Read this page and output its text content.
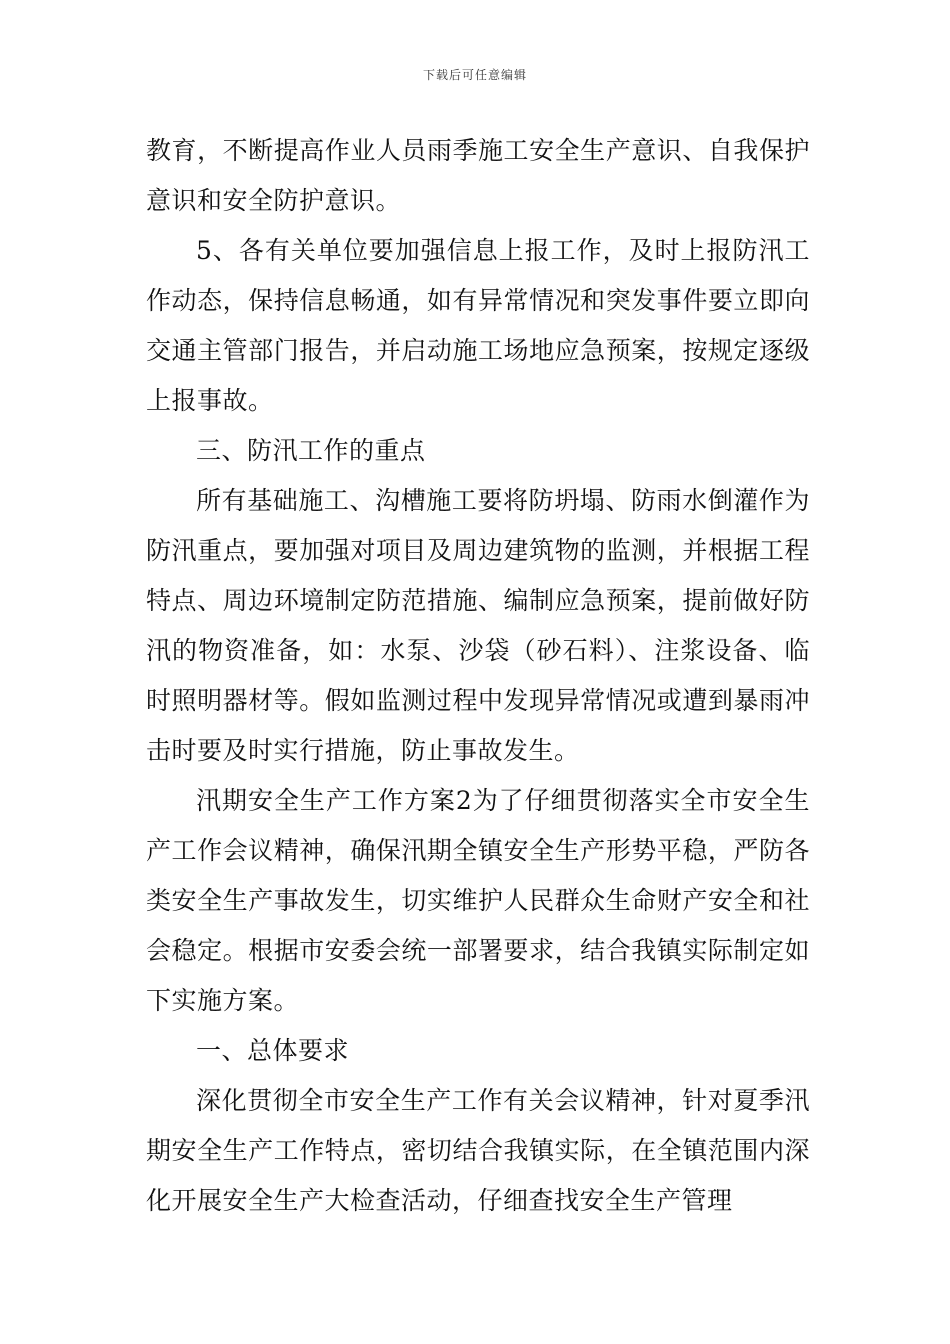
下载后可任意编辑

教育，不断提高作业人员雨季施工安全生产意识、自我保护意识和安全防护意识。

5、各有关单位要加强信息上报工作，及时上报防汛工作动态，保持信息畅通，如有异常情况和突发事件要立即向交通主管部门报告，并启动施工场地应急预案，按规定逐级上报事故。

三、防汛工作的重点

所有基础施工、沟槽施工要将防坍塌、防雨水倒灌作为防汛重点，要加强对项目及周边建筑物的监测，并根据工程特点、周边环境制定防范措施、编制应急预案，提前做好防汛的物资准备，如：水泵、沙袋（砂石料）、注浆设备、临时照明器材等。假如监测过程中发现异常情况或遭到暴雨冲击时要及时实行措施，防止事故发生。

汛期安全生产工作方案2为了仔细贯彻落实全市安全生产工作会议精神，确保汛期全镇安全生产形势平稳，严防各类安全生产事故发生，切实维护人民群众生命财产安全和社会稳定。根据市安委会统一部署要求，结合我镇实际制定如下实施方案。

一、总体要求

深化贯彻全市安全生产工作有关会议精神，针对夏季汛期安全生产工作特点，密切结合我镇实际，在全镇范围内深化开展安全生产大检查活动，仔细查找安全生产管理
